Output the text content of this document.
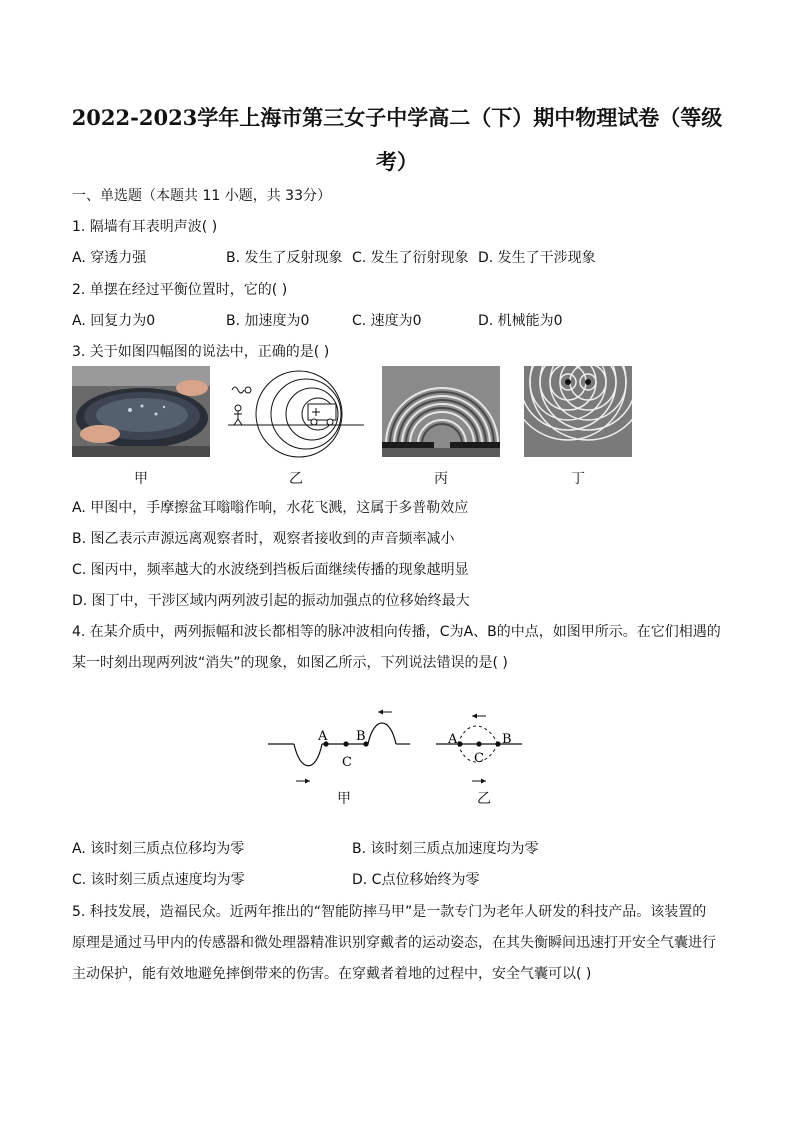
2022-2023学年上海市第三女子中学高二（下）期中物理试卷（等级
考）
一、单选题（本题共 11 小题，共 33分）
1. 隔墙有耳表明声波( )
A. 穿透力强	B. 发生了反射现象 C. 发生了衍射现象 D. 发生了干涉现象
2. 单摆在经过平衡位置时，它的( )
A. 回复力为0	B. 加速度为0	C. 速度为0	D. 机械能为0
3. 关于如图四幅图的说法中，正确的是( )
甲	乙	丙	丁
A. 甲图中，手摩擦盆耳嗡嗡作响，水花飞溅，这属于多普勒效应
B. 图乙表示声源远离观察者时，观察者接收到的声音频率减小
C. 图丙中，频率越大的水波绕到挡板后面继续传播的现象越明显
D. 图丁中，干涉区域内两列波引起的振动加强点的位移始终最大
4. 在某介质中，两列振幅和波长都相等的脉冲波相向传播，C为A、B的中点，如图甲所示。在它们相遇的
某一时刻出现两列波“消失”的现象，如图乙所示，下列说法错误的是( )
A
C
B	A
C
B
甲	乙
A. 该时刻三质点位移均为零	B. 该时刻三质点加速度均为零
C. 该时刻三质点速度均为零	D. C点位移始终为零
5. 科技发展，造福民众。近两年推出的“智能防摔马甲”是一款专门为老年人研发的科技产品。该装置的
原理是通过马甲内的传感器和微处理器精准识别穿戴者的运动姿态，在其失衡瞬间迅速打开安全气囊进行
主动保护，能有效地避免摔倒带来的伤害。在穿戴者着地的过程中，安全气囊可以( )
